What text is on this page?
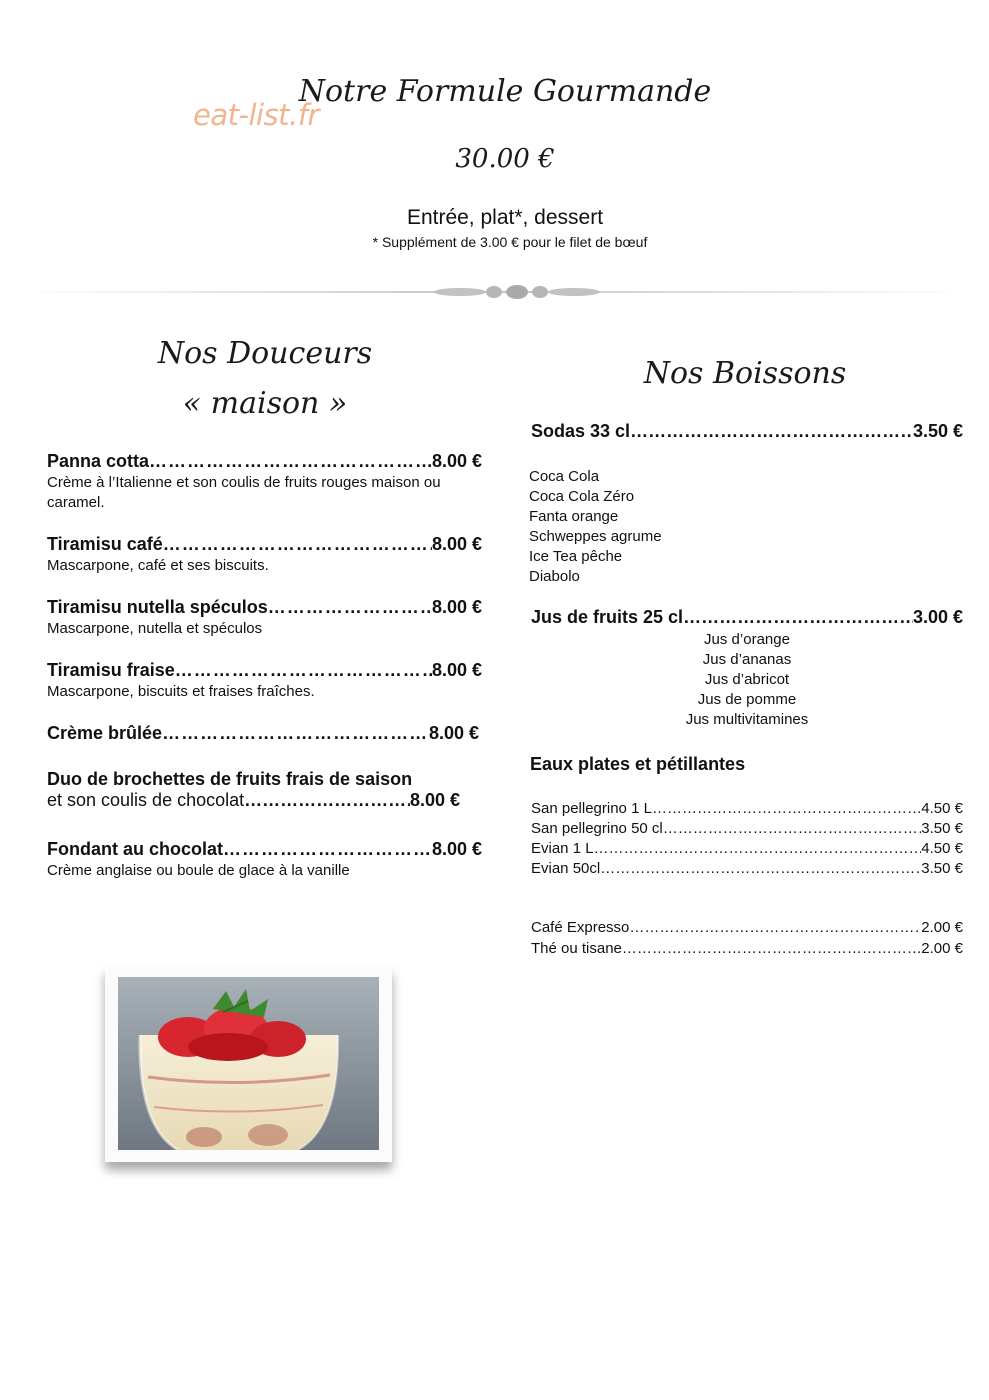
eat-list.fr
Notre Formule Gourmande
30.00 €
Entrée, plat*, dessert
* Supplément de 3.00 € pour le filet de bœuf
Nos Douceurs
« maison »
Panna cotta ………………………………………………………………………………………………………………	8.00 €
Crème à l’Italienne et son coulis de fruits rouges maison ou caramel.
Tiramisu café ………………………………………………………………………………………………………………	8.00 €
Mascarpone, café et ses biscuits.
Tiramisu nutella spéculos ………………………………………………………………………………………………………………	8.00 €
Mascarpone, nutella et spéculos
Tiramisu fraise ………………………………………………………………………………………………………………	8.00 €
Mascarpone, biscuits et fraises fraîches.
Crème brûlée ………………………………………………………………………………………………………………	8.00 €
Duo de brochettes de fruits frais de saison
et son coulis de chocolat ………………………………………………………………………………………………………	8.00 €
Fondant au chocolat ………………………………………………………………………………………………………………	8.00 €
Crème anglaise ou boule de glace à la vanille
Nos Boissons
Sodas 33 cl ……………………………………………………………………………………………………………………………	3.50 €
Coca Cola
Coca Cola Zéro
Fanta orange
Schweppes agrume
Ice Tea pêche
Diabolo
Jus de fruits 25 cl ……………………………………………………………………………………………………………………………	3.00 €
Jus d’orange
Jus d’ananas
Jus d’abricot
Jus de pomme
Jus multivitamines
Eaux plates et pétillantes
San pellegrino 1 L ……………………………………………………………………………………………………………………………	4.50 €
San pellegrino 50 cl ……………………………………………………………………………………………………………………………	3.50 €
Evian 1 L ……………………………………………………………………………………………………………………………	4.50 €
Evian 50cl ……………………………………………………………………………………………………………………………	3.50 €
Café Expresso ……………………………………………………………………………………………………………………………	2.00 €
Thé ou tisane ……………………………………………………………………………………………………………………………	2.00 €
